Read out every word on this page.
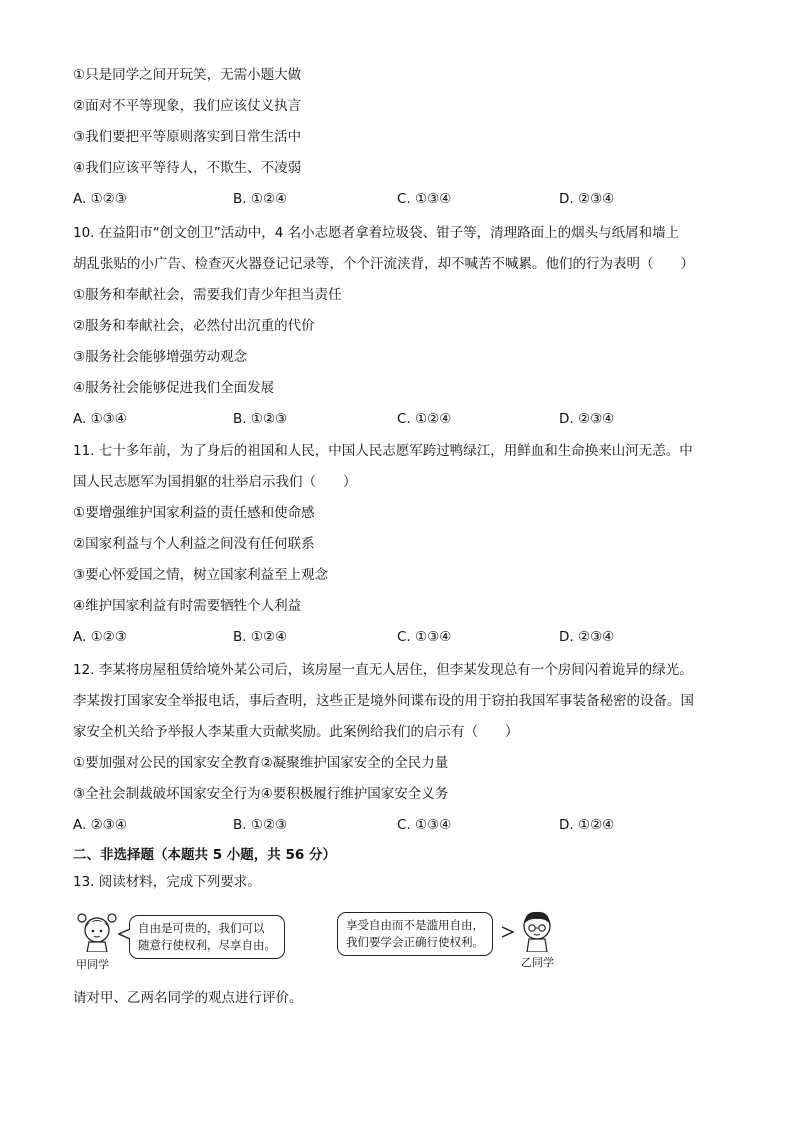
①只是同学之间开玩笑，无需小题大做
②面对不平等现象，我们应该仗义执言
③我们要把平等原则落实到日常生活中
④我们应该平等待人，不欺生、不凌弱
A. ①②③	B. ①②④	C. ①③④	D. ②③④
10. 在益阳市“创文创卫”活动中，4 名小志愿者拿着垃圾袋、钳子等，清理路面上的烟头与纸屑和墙上
胡乱张贴的小广告、检查灭火器登记记录等，个个汗流浃背，却不喊苦不喊累。他们的行为表明（　　）
①服务和奉献社会，需要我们青少年担当责任
②服务和奉献社会，必然付出沉重的代价
③服务社会能够增强劳动观念
④服务社会能够促进我们全面发展
A. ①③④	B. ①②③	C. ①②④	D. ②③④
11. 七十多年前，为了身后的祖国和人民，中国人民志愿军跨过鸭绿江，用鲜血和生命换来山河无恙。中
国人民志愿军为国捐躯的壮举启示我们（　　）
①要增强维护国家利益的责任感和使命感
②国家利益与个人利益之间没有任何联系
③要心怀爱国之情，树立国家利益至上观念
④维护国家利益有时需要牺牲个人利益
A. ①②③	B. ①②④	C. ①③④	D. ②③④
12. 李某将房屋租赁给境外某公司后，该房屋一直无人居住，但李某发现总有一个房间闪着诡异的绿光。
李某拨打国家安全举报电话，事后查明，这些正是境外间谍布设的用于窃拍我国军事装备秘密的设备。国
家安全机关给予举报人李某重大贡献奖励。此案例给我们的启示有（　　）
①要加强对公民的国家安全教育②凝聚维护国家安全的全民力量
③全社会制裁破坏国家安全行为④要积极履行维护国家安全义务
A. ②③④	B. ①②③	C. ①③④	D. ①②④
二、非选择题（本题共 5 小题，共 56 分）
13. 阅读材料，完成下列要求。
甲同学
自由是可贵的，我们可以
随意行使权利，尽享自由。
享受自由而不是滥用自由，
我们要学会正确行使权利。
乙同学
请对甲、乙两名同学的观点进行评价。
